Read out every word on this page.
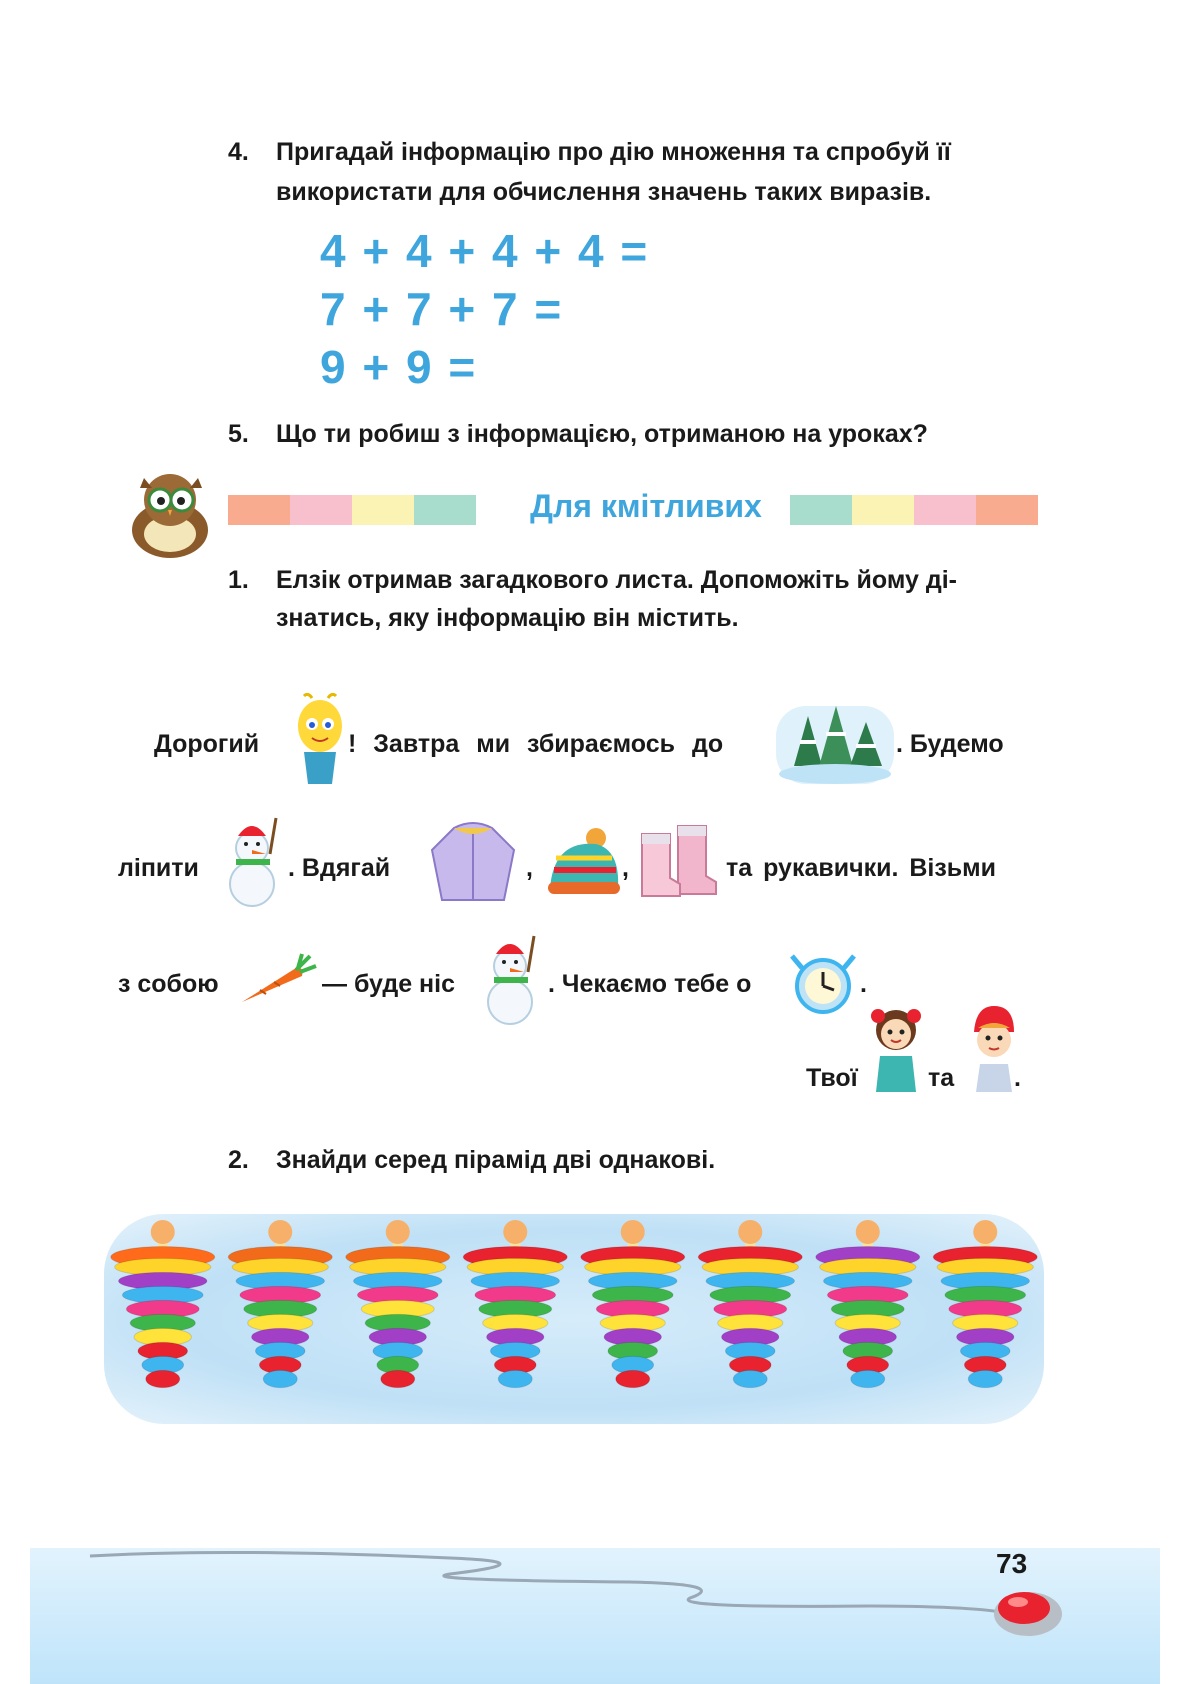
4. Пригадай інформацію про дію множення та спробуй її
використати для обчислення значень таких виразів.
4 + 4 + 4 + 4 =
7 + 7 + 7 =
9 + 9 =
5. Що ти робиш з інформацією, отриманою на уроках?
Для кмітливих
1. Елзік отримав загадкового листа. Допоможіть йому ді-
знатись, яку інформацію він містить.
Дорогий	! Завтра ми збираємось до	. Будемо
ліпити	. Вдягай	,	,	та рукавички. Візьми
з собою	— буде ніс	. Чекаємо тебе о	.
Твої	та .
2. Знайди серед пірамід дві однакові.
73
